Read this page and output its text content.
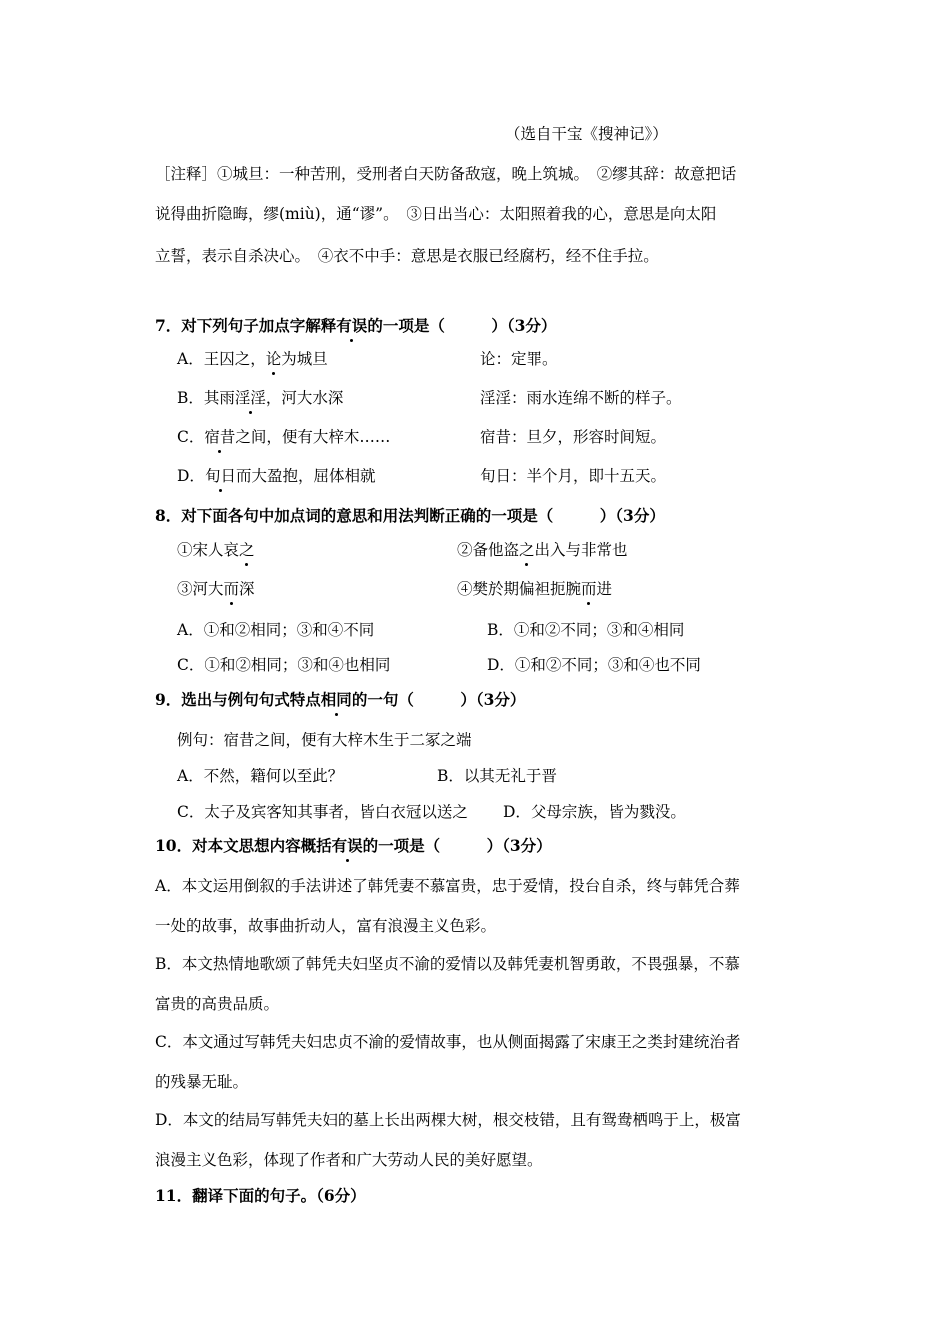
（选自干宝《搜神记》）
［注释］①城旦：一种苦刑，受刑者白天防备敌寇，晚上筑城。　②缪其辞：故意把话
说得曲折隐晦，缪(miù)，通“谬”。　③日出当心：太阳照着我的心，意思是向太阳
立誓，表示自杀决心。　④衣不中手：意思是衣服已经腐朽，经不住手拉。
7．对下列句子加点字解释有误的一项是（　　　）（3分）
A．王囚之，论为城旦	论：定罪。
B．其雨淫淫，河大水深	淫淫：雨水连绵不断的样子。
C．宿昔之间，便有大梓木……	宿昔：旦夕，形容时间短。
D．旬日而大盈抱，屈体相就	旬日：半个月，即十五天。
8．对下面各句中加点词的意思和用法判断正确的一项是（　　　）（3分）
①宋人哀之	②备他盗之出入与非常也
③河大而深	④樊於期偏袒扼腕而进
A．①和②相同；③和④不同	B．①和②不同；③和④相同
C．①和②相同；③和④也相同	D．①和②不同；③和④也不同
9．选出与例句句式特点相同的一句（　　　）（3分）
例句：宿昔之间，便有大梓木生于二冢之端
A．不然，籍何以至此？	B．以其无礼于晋
C．太子及宾客知其事者，皆白衣冠以送之 D．父母宗族，皆为戮没。
10．对本文思想内容概括有误的一项是（　　　）（3分）
A．本文运用倒叙的手法讲述了韩凭妻不慕富贵，忠于爱情，投台自杀，终与韩凭合葬
一处的故事，故事曲折动人，富有浪漫主义色彩。
B．本文热情地歌颂了韩凭夫妇坚贞不渝的爱情以及韩凭妻机智勇敢，不畏强暴，不慕
富贵的高贵品质。
C．本文通过写韩凭夫妇忠贞不渝的爱情故事，也从侧面揭露了宋康王之类封建统治者
的残暴无耻。
D．本文的结局写韩凭夫妇的墓上长出两棵大树，根交枝错，且有鸳鸯栖鸣于上，极富
浪漫主义色彩，体现了作者和广大劳动人民的美好愿望。
11．翻译下面的句子。（6分）
